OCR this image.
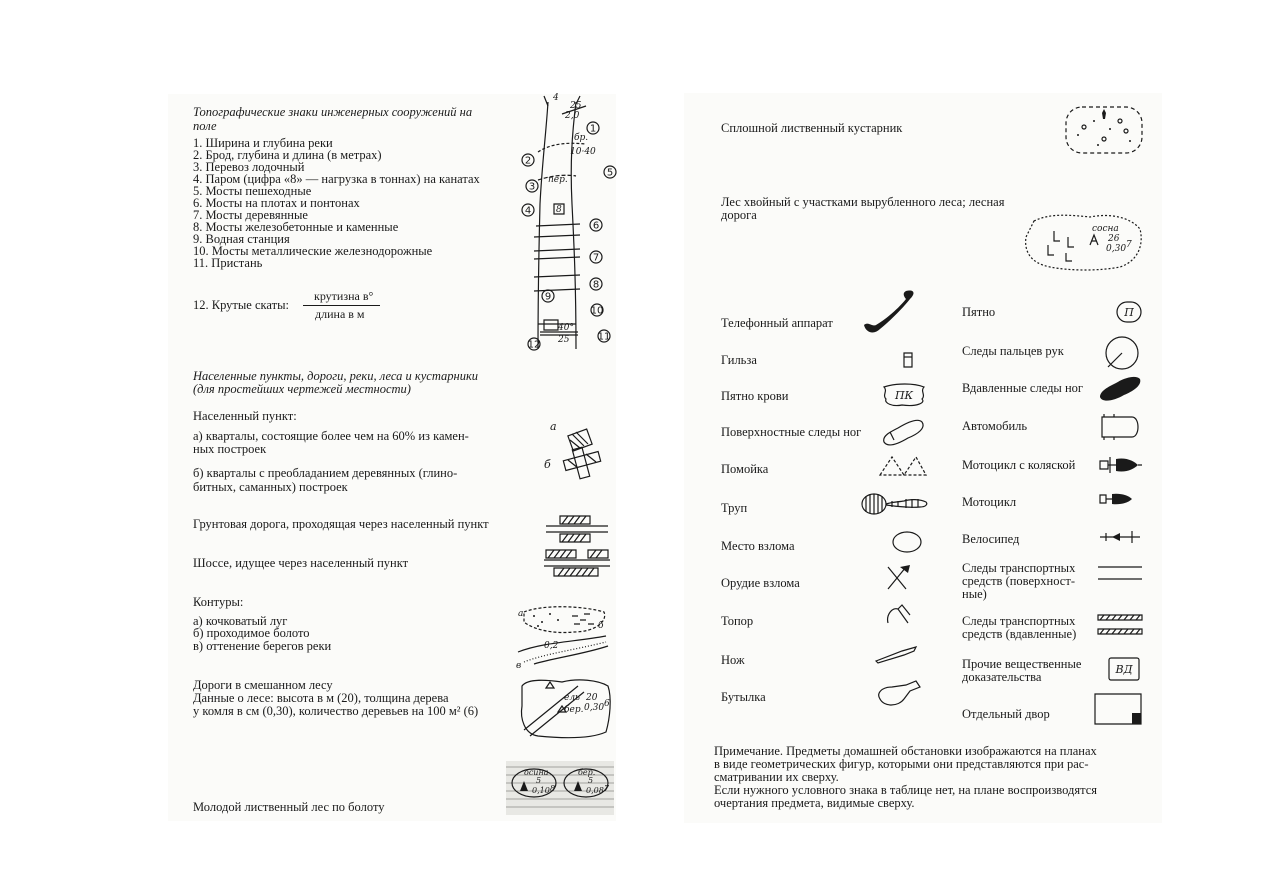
Топографические знаки инженерных сооружений на
поле
1. Ширина и глубина реки
2. Брод, глубина и длина (в метрах)
3. Перевоз лодочный
4. Паром (цифра «8» — нагрузка в тоннах) на канатах
5. Мосты пешеходные
6. Мосты на плотах и понтонах
7. Мосты деревянные
8. Мосты железобетонные и каменные
9. Водная станция
10. Мосты металлические железнодорожные
11. Пристань
12. Крутые скаты:
крутизна в°
длина в м
1
2
3
4
5
6
7
8
9
10
11
12
4
25
2,0
бр.
10·40
пер.
8
40°
25
Населенные пункты, дороги, реки, леса и кустарники
(для простейших чертежей местности)
Населенный пункт:
а) кварталы, состоящие более чем на 60% из камен-
ных построек
б) кварталы с преобладанием деревянных (глино-
битных, саманных) построек
а
б
Грунтовая дорога, проходящая через населенный пункт
Шоссе, идущее через населенный пункт
Контуры:
а) кочковатый луг
б) проходимое болото
в) оттенение берегов реки
а
б
в
0,2
Дороги в смешанном лесу
Данные о лесе: высота в м (20), толщина дерева
у комля в см (0,30), количество деревьев на 100 м² (6)
ель
бер.
20
0,30 6
Молодой лиственный лес по болоту
осина
5
0,10 8
бер.
5
0,08 7
Сплошной лиственный кустарник
Лес хвойный с участками вырубленного леса; лесная
дорога
сосна
26
0,30 7
Телефонный аппарат
Гильза
Пятно крови
Поверхностные следы ног
Помойка
Труп
Место взлома
Орудие взлома
Топор
Нож
Бутылка
ПК
Пятно
Следы пальцев рук
Вдавленные следы ног
Автомобиль
Мотоцикл с коляской
Мотоцикл
Велосипед
Следы транспортных
средств (поверхност-
ные)
Следы транспортных
средств (вдавленные)
Прочие вещественные
доказательства
Отдельный двор
П
ВД
Примечание. Предметы домашней обстановки изображаются на планах
в виде геометрических фигур, которыми они представляются при рас-
сматривании их сверху.
Если нужного условного знака в таблице нет, на плане воспроизводятся
очертания предмета, видимые сверху.
